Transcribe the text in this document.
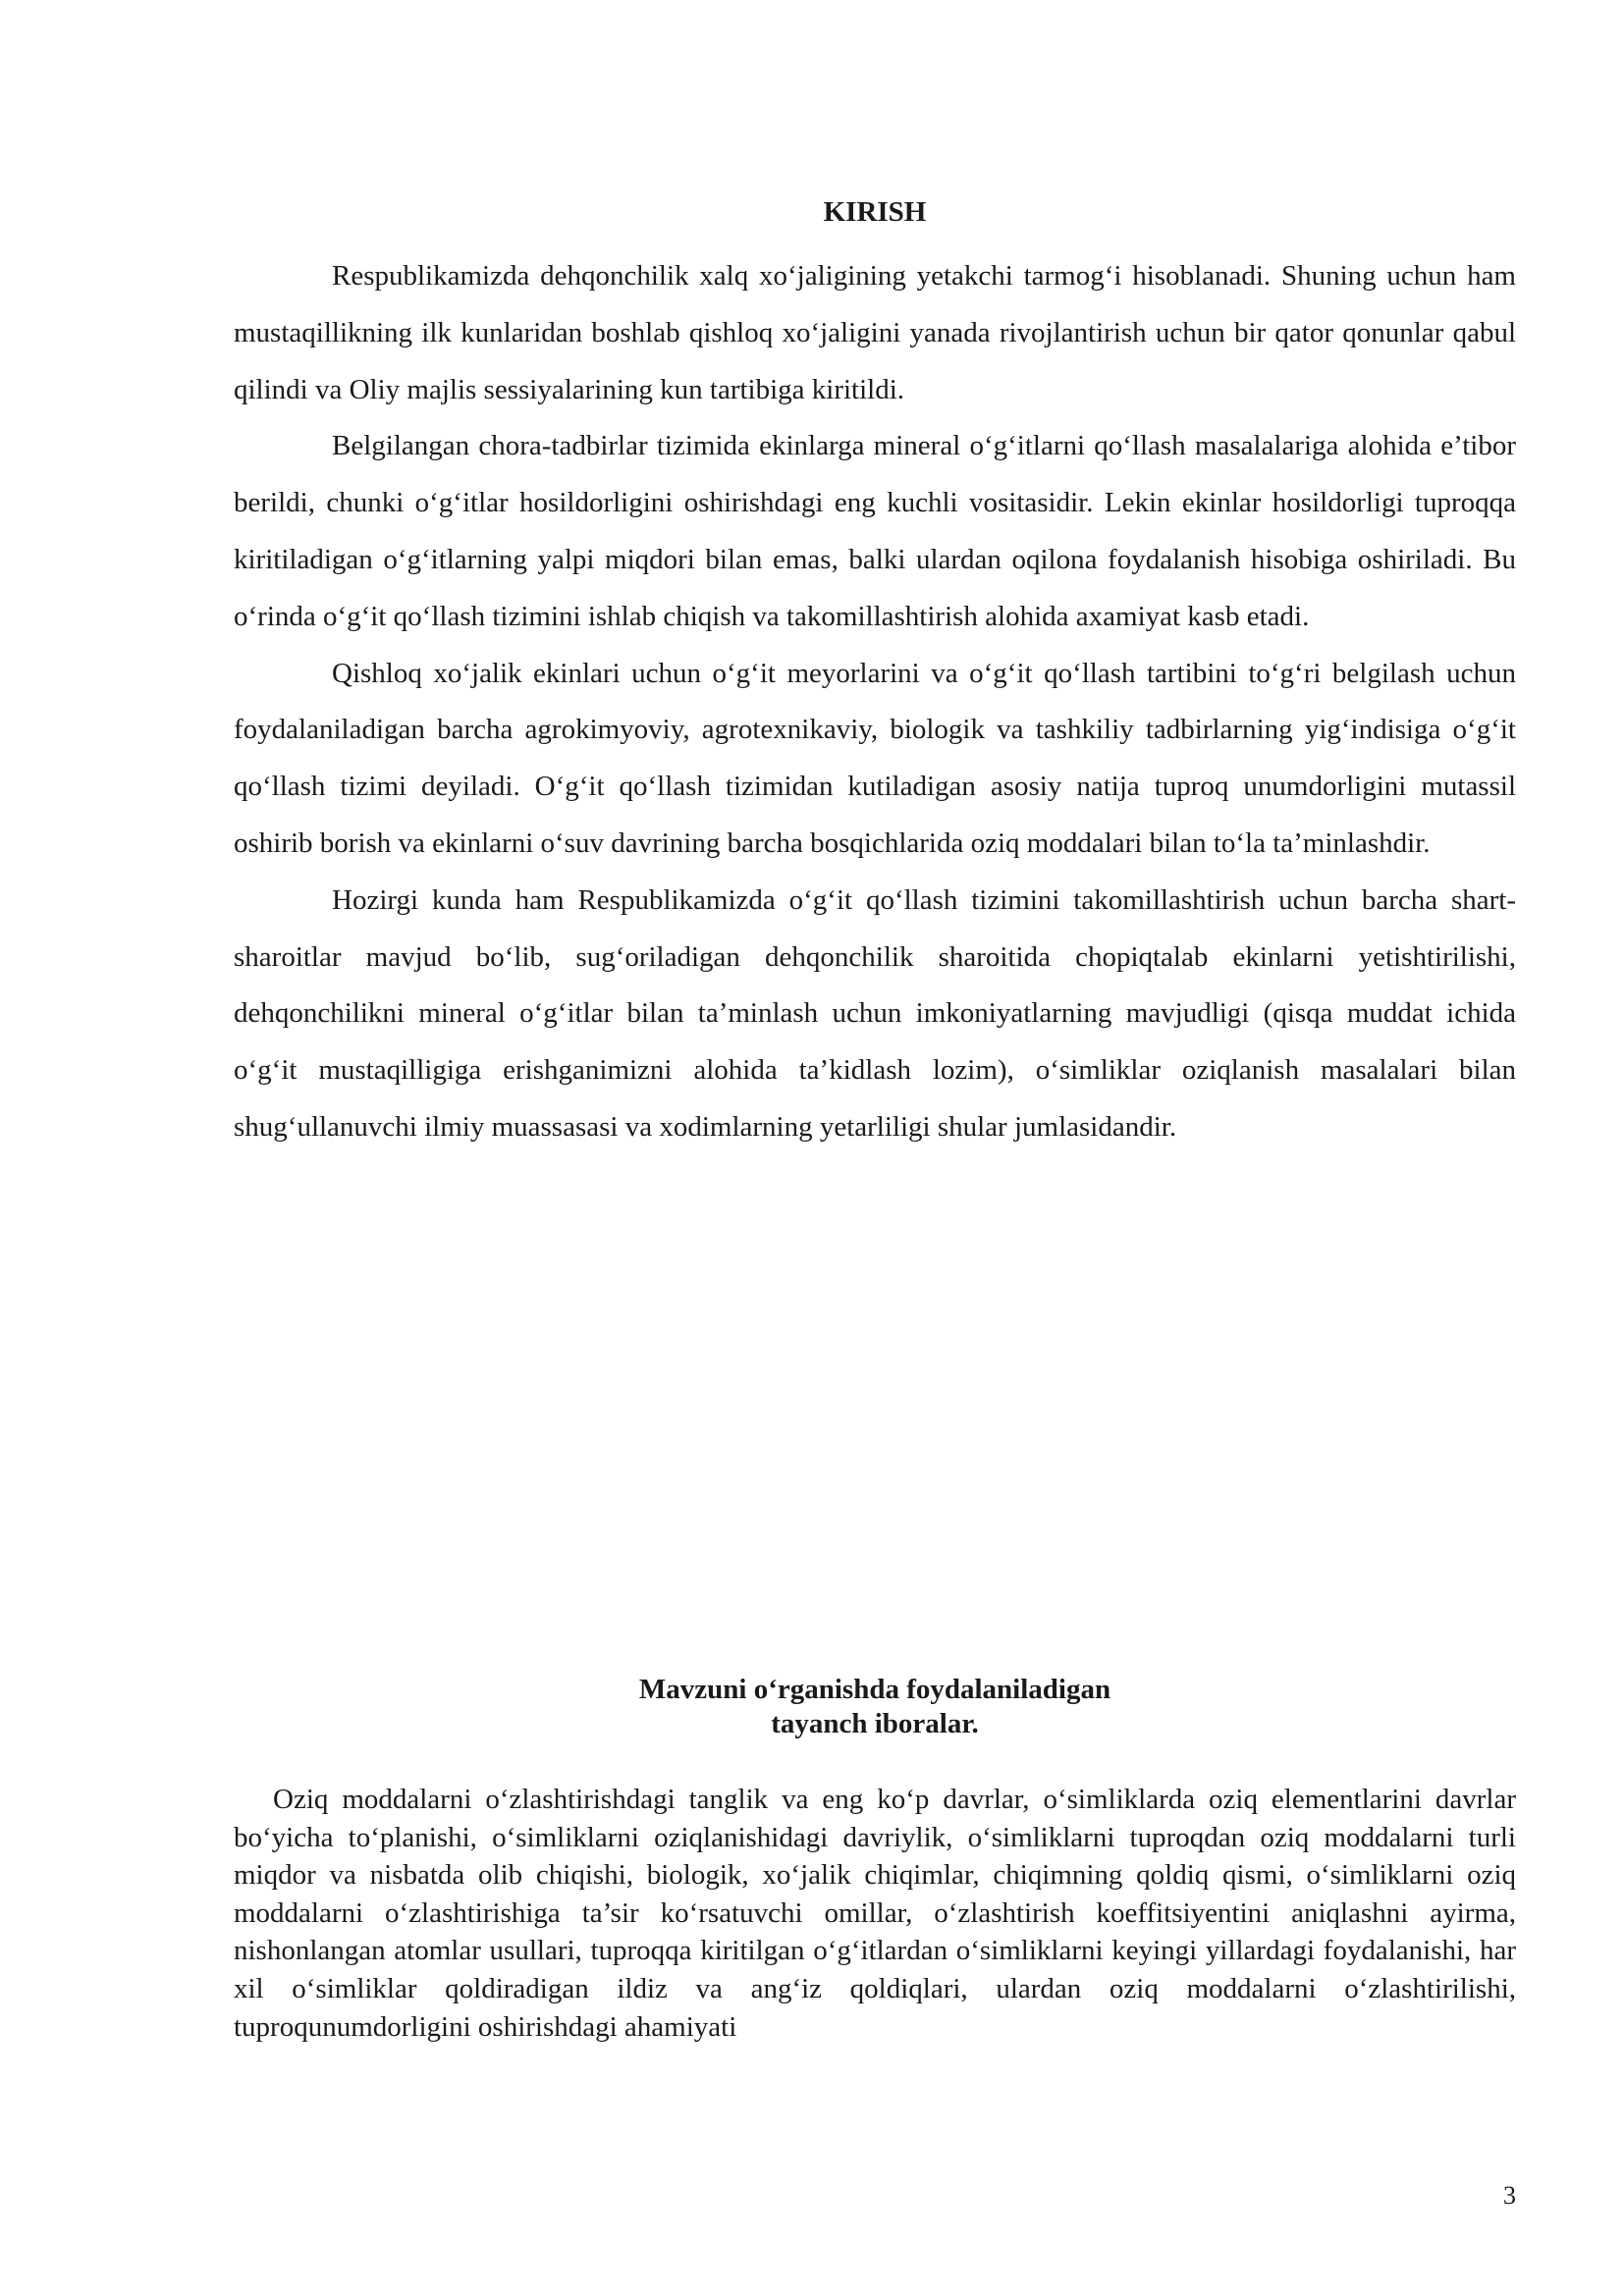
KIRISH

Respublikamizda dehqonchilik xalq xo‘jaligining yetakchi tarmog‘i hisoblanadi. Shuning uchun ham mustaqillikning ilk kunlaridan boshlab qishloq xo‘jaligini yanada rivojlantirish uchun bir qator qonunlar qabul qilindi va Oliy majlis sessiyalarining kun tartibiga kiritildi.

Belgilangan chora-tadbirlar tizimida ekinlarga mineral o‘g‘itlarni qo‘llash masalalariga alohida e’tibor berildi, chunki o‘g‘itlar hosildorligini oshirishdagi eng kuchli vositasidir. Lekin ekinlar hosildorligi tuproqqa kiritiladigan o‘g‘itlarning yalpi miqdori bilan emas, balki ulardan oqilona foydalanish hisobiga oshiriladi. Bu o‘rinda o‘g‘it qo‘llash tizimini ishlab chiqish va takomillashtirish alohida axamiyat kasb etadi.

Qishloq xo‘jalik ekinlari uchun o‘g‘it meyorlarini va o‘g‘it qo‘llash tartibini to‘g‘ri belgilash uchun foydalaniladigan barcha agrokimyoviy, agrotexnikaviy, biologik va tashkiliy tadbirlarning yig‘indisiga o‘g‘it qo‘llash tizimi deyiladi. O‘g‘it qo‘llash tizimidan kutiladigan asosiy natija tuproq unumdorligini mutassil oshirib borish va ekinlarni o‘suv davrining barcha bosqichlarida oziq moddalari bilan to‘la ta’minlashdir.

Hozirgi kunda ham Respublikamizda o‘g‘it qo‘llash tizimini takomillashtirish uchun barcha shart-sharoitlar mavjud bo‘lib, sug‘oriladigan dehqonchilik sharoitida chopiqtalab ekinlarni yetishtirilishi, dehqonchilikni mineral o‘g‘itlar bilan ta’minlash uchun imkoniyatlarning mavjudligi (qisqa muddat ichida o‘g‘it mustaqilligiga erishganimizni alohida ta’kidlash lozim), o‘simliklar oziqlanish masalalari bilan shug‘ullanuvchi ilmiy muassasasi va xodimlarning yetarliligi shular jumlasidandir.

Mavzuni o‘rganishda foydalaniladigan
tayanch iboralar.

Oziq moddalarni o‘zlashtirishdagi tanglik va eng ko‘p davrlar, o‘simliklarda oziq elementlarini davrlar bo‘yicha to‘planishi, o‘simliklarni oziqlanishidagi davriylik, o‘simliklarni tuproqdan oziq moddalarni turli miqdor va nisbatda olib chiqishi, biologik, xo‘jalik chiqimlar, chiqimning qoldiq qismi, o‘simliklarni oziq moddalarni o‘zlashtirishiga ta’sir ko‘rsatuvchi omillar, o‘zlashtirish koeffitsiyentini aniqlashni ayirma, nishonlangan atomlar usullari, tuproqqa kiritilgan o‘g‘itlardan o‘simliklarni keyingi yillardagi foydalanishi, har xil o‘simliklar qoldiradigan ildiz va ang‘iz qoldiqlari, ulardan oziq moddalarni o‘zlashtirilishi, tuproqunumdorligini oshirishdagi ahamiyati

3
